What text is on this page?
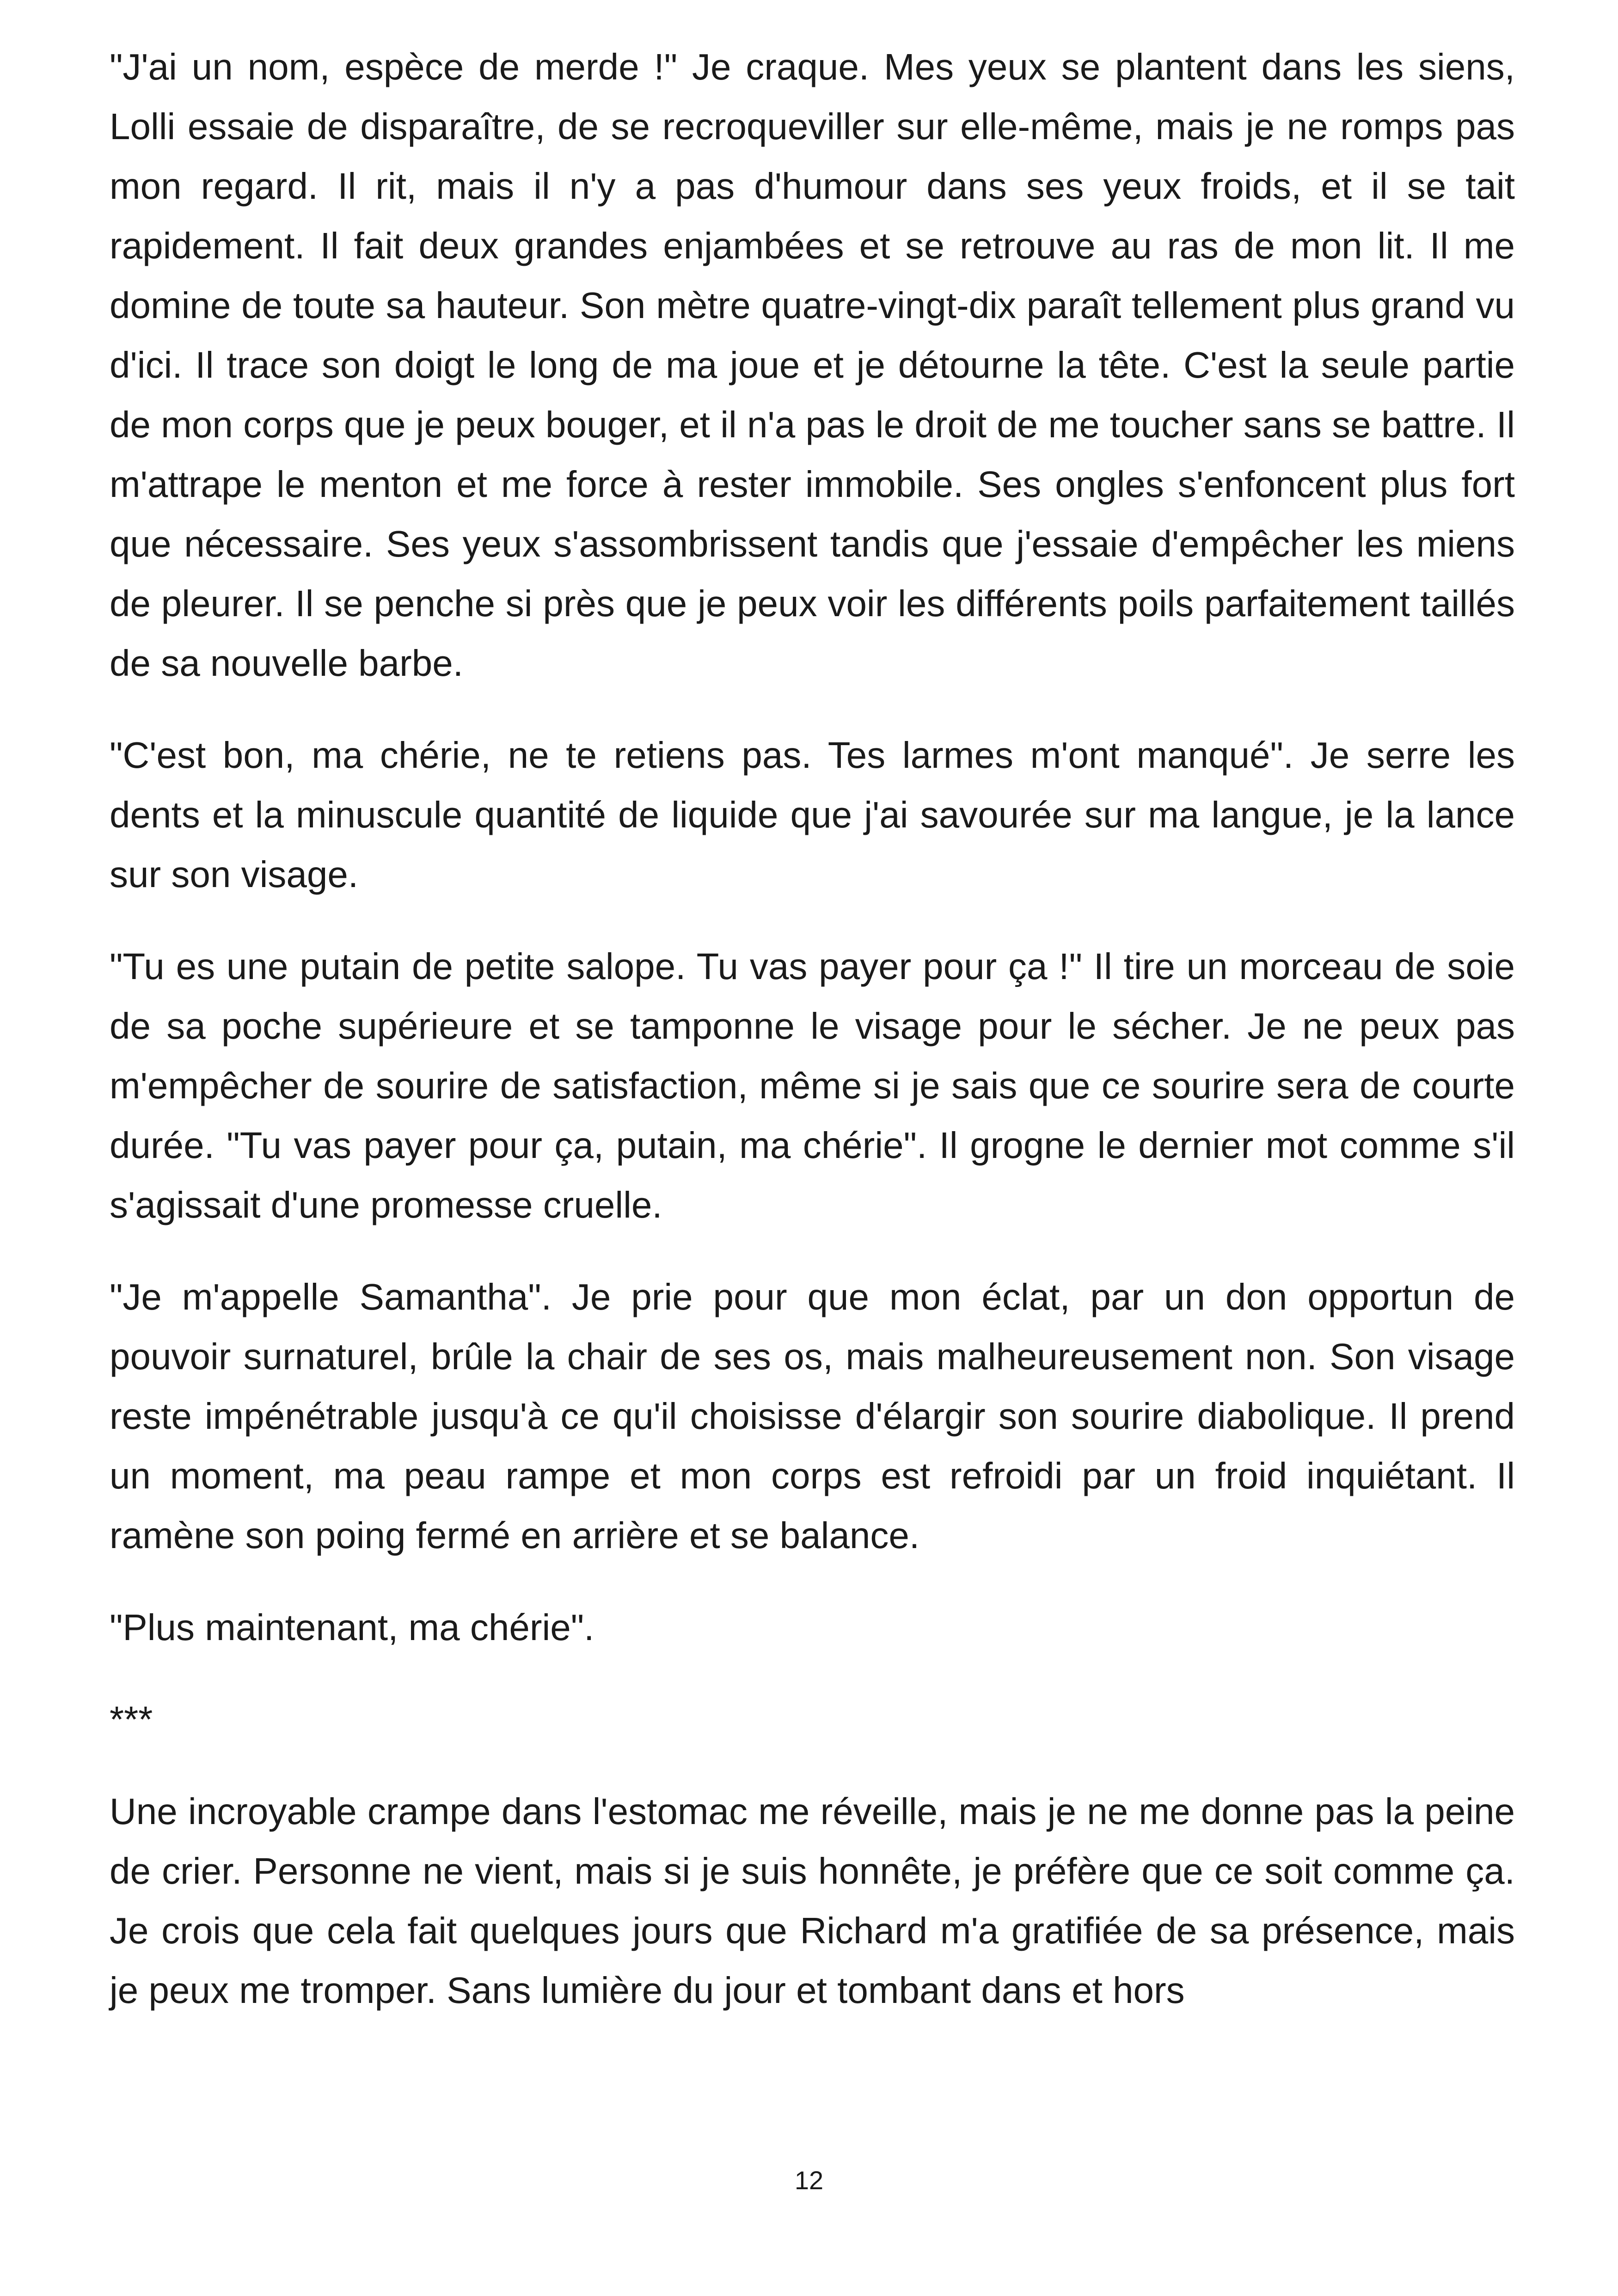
"J'ai un nom, espèce de merde !" Je craque. Mes yeux se plantent dans les siens, Lolli essaie de disparaître, de se recroqueviller sur elle-même, mais je ne romps pas mon regard. Il rit, mais il n'y a pas d'humour dans ses yeux froids, et il se tait rapidement. Il fait deux grandes enjambées et se retrouve au ras de mon lit. Il me domine de toute sa hauteur. Son mètre quatre-vingt-dix paraît tellement plus grand vu d'ici. Il trace son doigt le long de ma joue et je détourne la tête. C'est la seule partie de mon corps que je peux bouger, et il n'a pas le droit de me toucher sans se battre. Il m'attrape le menton et me force à rester immobile. Ses ongles s'enfoncent plus fort que nécessaire. Ses yeux s'assombrissent tandis que j'essaie d'empêcher les miens de pleurer. Il se penche si près que je peux voir les différents poils parfaitement taillés de sa nouvelle barbe.

"C'est bon, ma chérie, ne te retiens pas. Tes larmes m'ont manqué". Je serre les dents et la minuscule quantité de liquide que j'ai savourée sur ma langue, je la lance sur son visage.

"Tu es une putain de petite salope. Tu vas payer pour ça !" Il tire un morceau de soie de sa poche supérieure et se tamponne le visage pour le sécher. Je ne peux pas m'empêcher de sourire de satisfaction, même si je sais que ce sourire sera de courte durée. "Tu vas payer pour ça, putain, ma chérie". Il grogne le dernier mot comme s'il s'agissait d'une promesse cruelle.

"Je m'appelle Samantha". Je prie pour que mon éclat, par un don opportun de pouvoir surnaturel, brûle la chair de ses os, mais malheureusement non. Son visage reste impénétrable jusqu'à ce qu'il choisisse d'élargir son sourire diabolique. Il prend un moment, ma peau rampe et mon corps est refroidi par un froid inquiétant. Il ramène son poing fermé en arrière et se balance.

"Plus maintenant, ma chérie".

***

Une incroyable crampe dans l'estomac me réveille, mais je ne me donne pas la peine de crier. Personne ne vient, mais si je suis honnête, je préfère que ce soit comme ça. Je crois que cela fait quelques jours que Richard m'a gratifiée de sa présence, mais je peux me tromper. Sans lumière du jour et tombant dans et hors

12
